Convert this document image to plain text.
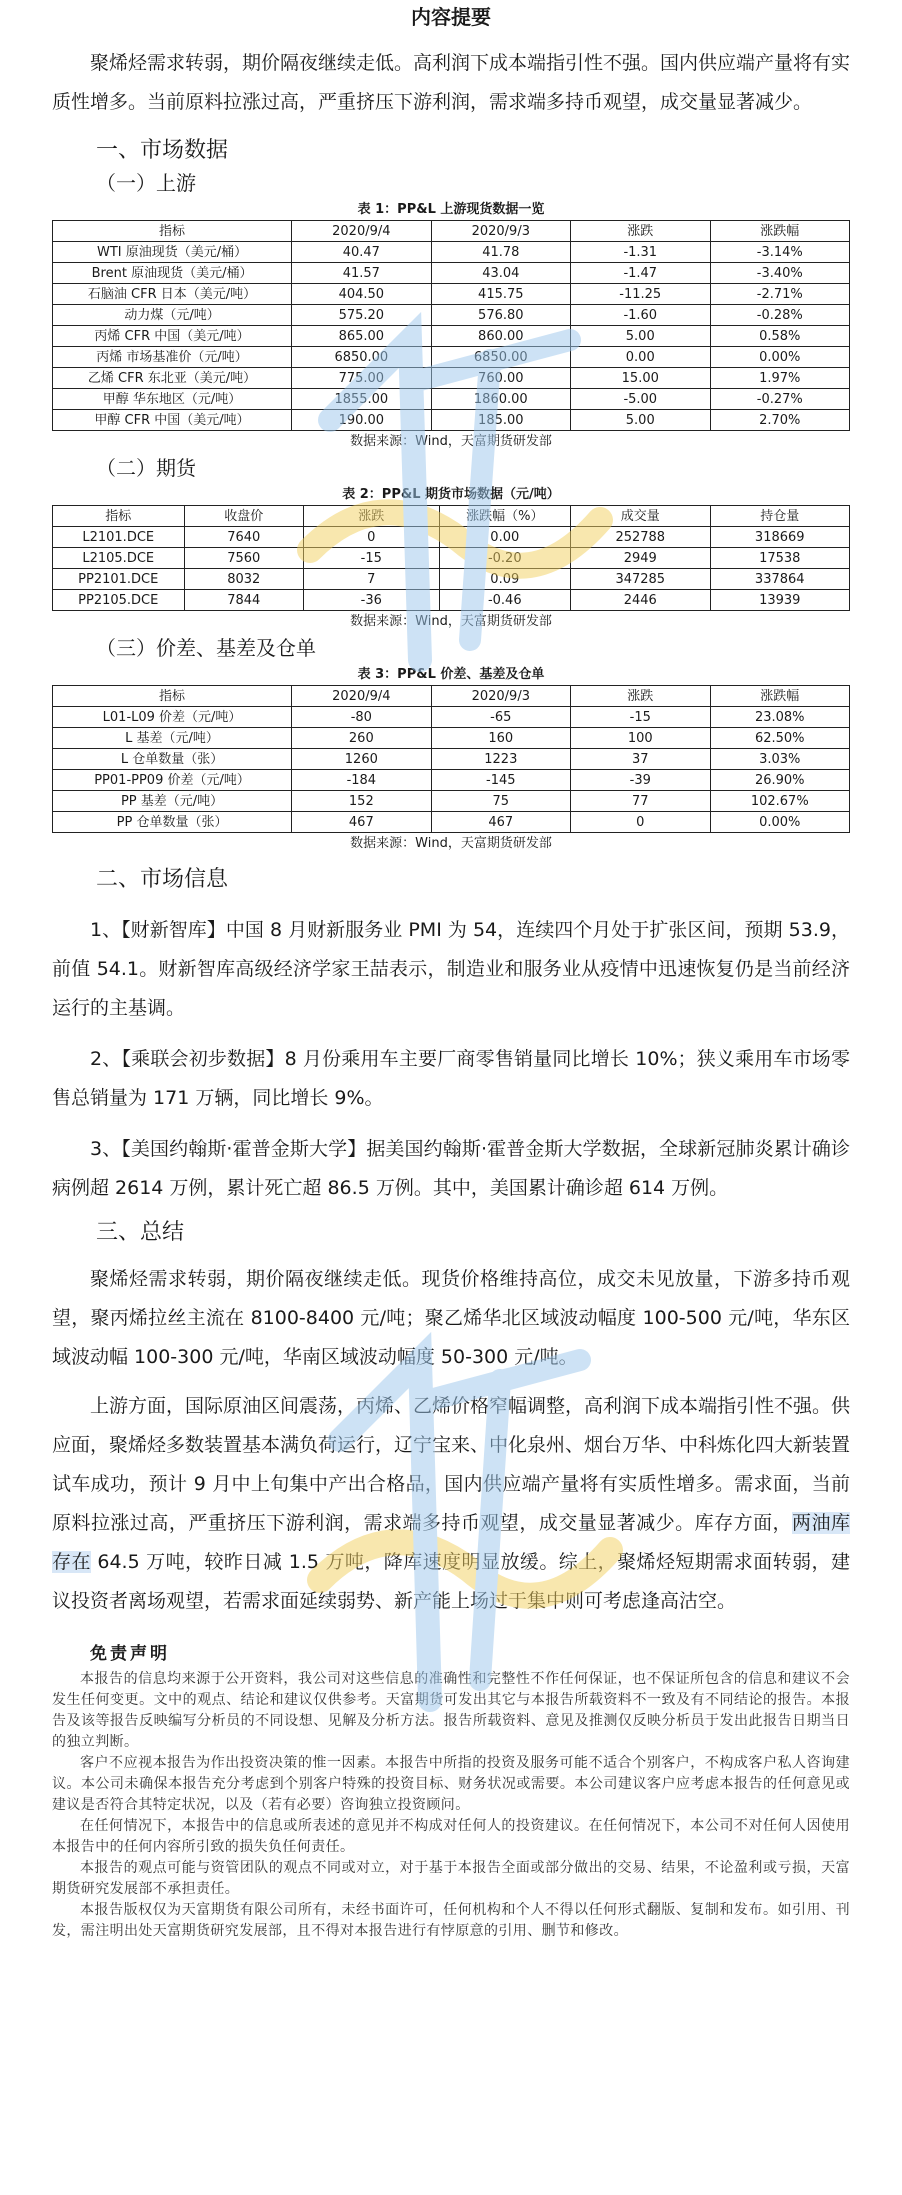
内容提要

聚烯烃需求转弱，期价隔夜继续走低。高利润下成本端指引性不强。国内供应端产量将有实质性增多。当前原料拉涨过高，严重挤压下游利润，需求端多持币观望，成交量显著减少。

一、市场数据
（一）上游
表 1：PP&L 上游现货数据一览
指标	2020/9/4	2020/9/3	涨跌	涨跌幅
WTI 原油现货（美元/桶）	40.47	41.78	-1.31	-3.14%
Brent 原油现货（美元/桶）	41.57	43.04	-1.47	-3.40%
石脑油 CFR 日本（美元/吨）	404.50	415.75	-11.25	-2.71%
动力煤（元/吨）	575.20	576.80	-1.60	-0.28%
丙烯 CFR 中国（美元/吨）	865.00	860.00	5.00	0.58%
丙烯 市场基准价（元/吨）	6850.00	6850.00	0.00	0.00%
乙烯 CFR 东北亚（美元/吨）	775.00	760.00	15.00	1.97%
甲醇 华东地区（元/吨）	1855.00	1860.00	-5.00	-0.27%
甲醇 CFR 中国（美元/吨）	190.00	185.00	5.00	2.70%
数据来源：Wind，天富期货研发部
（二）期货
表 2：PP&L 期货市场数据（元/吨）
指标	收盘价	涨跌	涨跌幅（%）	成交量	持仓量
L2101.DCE	7640	0	0.00	252788	318669
L2105.DCE	7560	-15	-0.20	2949	17538
PP2101.DCE	8032	7	0.09	347285	337864
PP2105.DCE	7844	-36	-0.46	2446	13939
数据来源：Wind，天富期货研发部
（三）价差、基差及仓单
表 3：PP&L 价差、基差及仓单
指标	2020/9/4	2020/9/3	涨跌	涨跌幅
L01-L09 价差（元/吨）	-80	-65	-15	23.08%
L 基差（元/吨）	260	160	100	62.50%
L 仓单数量（张）	1260	1223	37	3.03%
PP01-PP09 价差（元/吨）	-184	-145	-39	26.90%
PP 基差（元/吨）	152	75	77	102.67%
PP 仓单数量（张）	467	467	0	0.00%
数据来源：Wind，天富期货研发部
二、市场信息

1、【财新智库】中国 8 月财新服务业 PMI 为 54，连续四个月处于扩张区间，预期 53.9，前值 54.1。财新智库高级经济学家王喆表示，制造业和服务业从疫情中迅速恢复仍是当前经济运行的主基调。

2、【乘联会初步数据】8 月份乘用车主要厂商零售销量同比增长 10%；狭义乘用车市场零售总销量为 171 万辆，同比增长 9%。

3、【美国约翰斯·霍普金斯大学】据美国约翰斯·霍普金斯大学数据，全球新冠肺炎累计确诊病例超 2614 万例，累计死亡超 86.5 万例。其中，美国累计确诊超 614 万例。

三、总结

聚烯烃需求转弱，期价隔夜继续走低。现货价格维持高位，成交未见放量，下游多持币观望，聚丙烯拉丝主流在 8100-8400 元/吨；聚乙烯华北区域波动幅度 100-500 元/吨，华东区域波动幅 100-300 元/吨，华南区域波动幅度 50-300 元/吨。

上游方面，国际原油区间震荡，丙烯、乙烯价格窄幅调整，高利润下成本端指引性不强。供应面，聚烯烃多数装置基本满负荷运行，辽宁宝来、中化泉州、烟台万华、中科炼化四大新装置试车成功，预计 9 月中上旬集中产出合格品，国内供应端产量将有实质性增多。需求面，当前原料拉涨过高，严重挤压下游利润，需求端多持币观望，成交量显著减少。库存方面，两油库存在 64.5 万吨，较昨日减 1.5 万吨，降库速度明显放缓。综上，聚烯烃短期需求面转弱，建议投资者离场观望，若需求面延续弱势、新产能上场过于集中则可考虑逢高沽空。

免责声明

本报告的信息均来源于公开资料，我公司对这些信息的准确性和完整性不作任何保证，也不保证所包含的信息和建议不会发生任何变更。文中的观点、结论和建议仅供参考。天富期货可发出其它与本报告所载资料不一致及有不同结论的报告。本报告及该等报告反映编写分析员的不同设想、见解及分析方法。报告所载资料、意见及推测仅反映分析员于发出此报告日期当日的独立判断。

客户不应视本报告为作出投资决策的惟一因素。本报告中所指的投资及服务可能不适合个别客户，不构成客户私人咨询建议。本公司未确保本报告充分考虑到个别客户特殊的投资目标、财务状况或需要。本公司建议客户应考虑本报告的任何意见或建议是否符合其特定状况，以及（若有必要）咨询独立投资顾问。

在任何情况下，本报告中的信息或所表述的意见并不构成对任何人的投资建议。在任何情况下，本公司不对任何人因使用本报告中的任何内容所引致的损失负任何责任。

本报告的观点可能与资管团队的观点不同或对立，对于基于本报告全面或部分做出的交易、结果，不论盈利或亏损，天富期货研究发展部不承担责任。

本报告版权仅为天富期货有限公司所有，未经书面许可，任何机构和个人不得以任何形式翻版、复制和发布。如引用、刊发，需注明出处天富期货研究发展部，且不得对本报告进行有悖原意的引用、删节和修改。
